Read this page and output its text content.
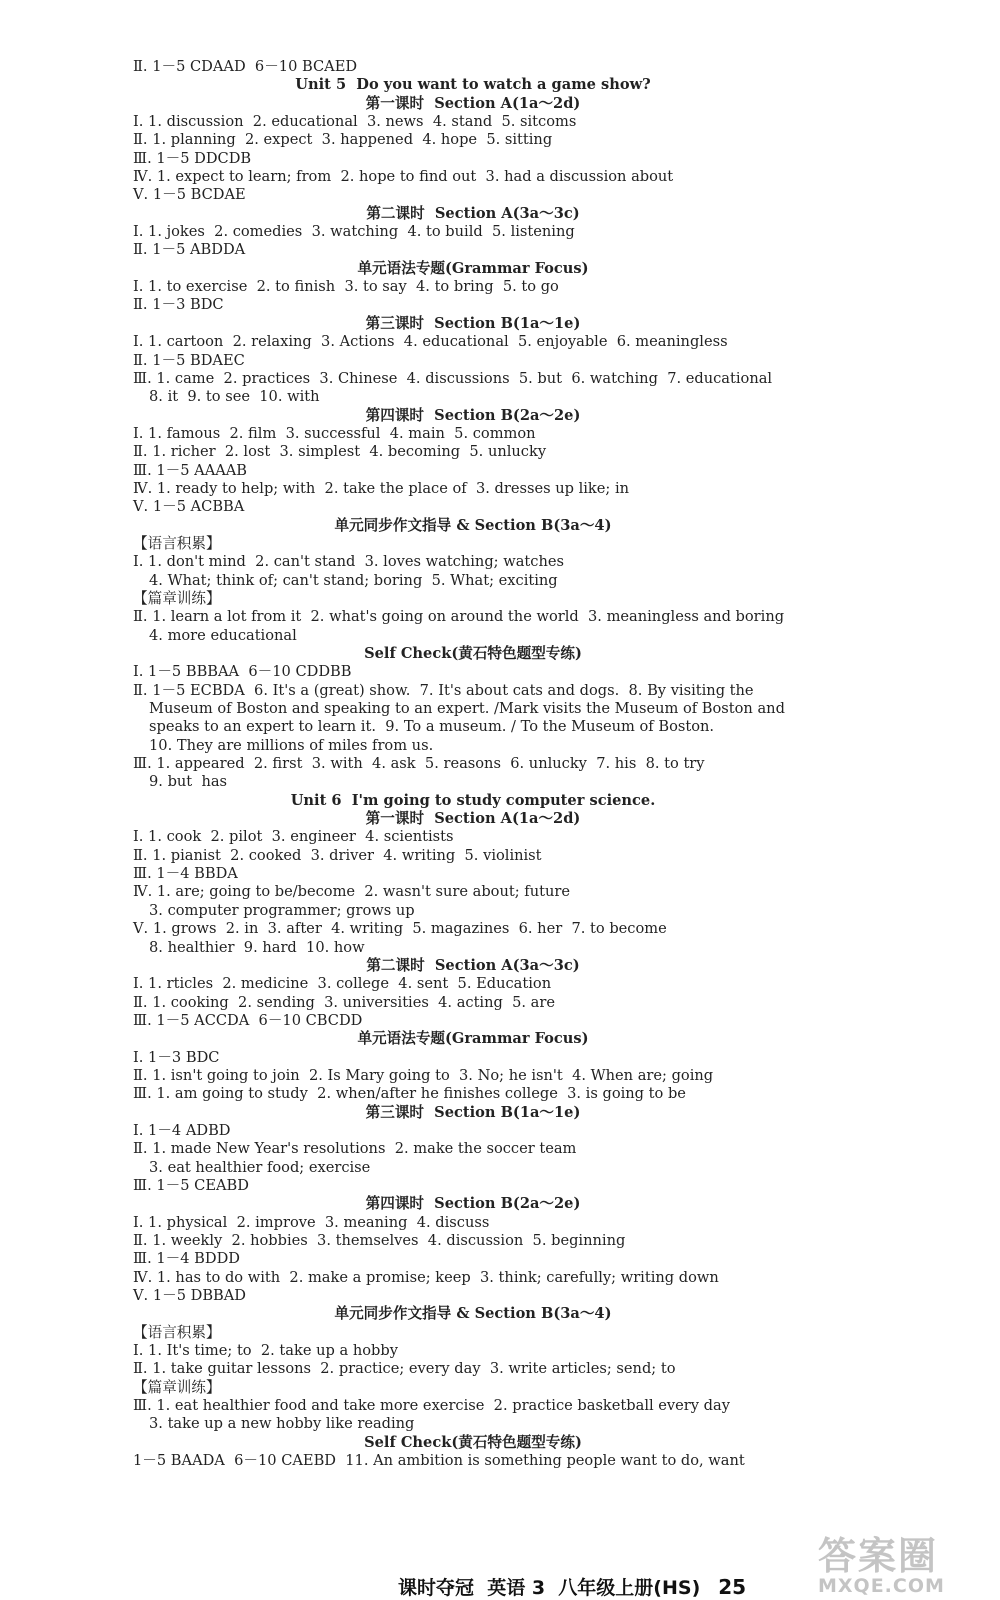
Ⅱ. 1－5 CDAAD  6－10 BCAED
Unit 5  Do you want to watch a game show?
第一课时  Section A(1a～2d)
Ⅰ. 1. discussion  2. educational  3. news  4. stand  5. sitcoms
Ⅱ. 1. planning  2. expect  3. happened  4. hope  5. sitting
Ⅲ. 1－5 DDCDB
Ⅳ. 1. expect to learn; from  2. hope to find out  3. had a discussion about
Ⅴ. 1－5 BCDAE
第二课时  Section A(3a～3c)
Ⅰ. 1. jokes  2. comedies  3. watching  4. to build  5. listening
Ⅱ. 1－5 ABDDA
单元语法专题(Grammar Focus)
Ⅰ. 1. to exercise  2. to finish  3. to say  4. to bring  5. to go
Ⅱ. 1－3 BDC
第三课时  Section B(1a～1e)
Ⅰ. 1. cartoon  2. relaxing  3. Actions  4. educational  5. enjoyable  6. meaningless
Ⅱ. 1－5 BDAEC
Ⅲ. 1. came  2. practices  3. Chinese  4. discussions  5. but  6. watching  7. educational
8. it  9. to see  10. with
第四课时  Section B(2a～2e)
Ⅰ. 1. famous  2. film  3. successful  4. main  5. common
Ⅱ. 1. richer  2. lost  3. simplest  4. becoming  5. unlucky
Ⅲ. 1－5 AAAAB
Ⅳ. 1. ready to help; with  2. take the place of  3. dresses up like; in
Ⅴ. 1－5 ACBBA
单元同步作文指导 & Section B(3a～4)
【语言积累】
Ⅰ. 1. don't mind  2. can't stand  3. loves watching; watches
4. What; think of; can't stand; boring  5. What; exciting
【篇章训练】
Ⅱ. 1. learn a lot from it  2. what's going on around the world  3. meaningless and boring
4. more educational
Self Check(黄石特色题型专练)
Ⅰ. 1－5 BBBAA  6－10 CDDBB
Ⅱ. 1－5 ECBDA  6. It's a (great) show.  7. It's about cats and dogs.  8. By visiting the
Museum of Boston and speaking to an expert. /Mark visits the Museum of Boston and
speaks to an expert to learn it.  9. To a museum. / To the Museum of Boston.
10. They are millions of miles from us.
Ⅲ. 1. appeared  2. first  3. with  4. ask  5. reasons  6. unlucky  7. his  8. to try
9. but  has
Unit 6  I'm going to study computer science.
第一课时  Section A(1a～2d)
Ⅰ. 1. cook  2. pilot  3. engineer  4. scientists
Ⅱ. 1. pianist  2. cooked  3. driver  4. writing  5. violinist
Ⅲ. 1－4 BBDA
Ⅳ. 1. are; going to be/become  2. wasn't sure about; future
3. computer programmer; grows up
Ⅴ. 1. grows  2. in  3. after  4. writing  5. magazines  6. her  7. to become
8. healthier  9. hard  10. how
第二课时  Section A(3a～3c)
Ⅰ. 1. rticles  2. medicine  3. college  4. sent  5. Education
Ⅱ. 1. cooking  2. sending  3. universities  4. acting  5. are
Ⅲ. 1－5 ACCDA  6－10 CBCDD
单元语法专题(Grammar Focus)
Ⅰ. 1－3 BDC
Ⅱ. 1. isn't going to join  2. Is Mary going to  3. No; he isn't  4. When are; going
Ⅲ. 1. am going to study  2. when/after he finishes college  3. is going to be
第三课时  Section B(1a～1e)
Ⅰ. 1－4 ADBD
Ⅱ. 1. made New Year's resolutions  2. make the soccer team
3. eat healthier food; exercise
Ⅲ. 1－5 CEABD
第四课时  Section B(2a～2e)
Ⅰ. 1. physical  2. improve  3. meaning  4. discuss
Ⅱ. 1. weekly  2. hobbies  3. themselves  4. discussion  5. beginning
Ⅲ. 1－4 BDDD
Ⅳ. 1. has to do with  2. make a promise; keep  3. think; carefully; writing down
Ⅴ. 1－5 DBBAD
单元同步作文指导 & Section B(3a～4)
【语言积累】
Ⅰ. 1. It's time; to  2. take up a hobby
Ⅱ. 1. take guitar lessons  2. practice; every day  3. write articles; send; to
【篇章训练】
Ⅲ. 1. eat healthier food and take more exercise  2. practice basketball every day
3. take up a new hobby like reading
Self Check(黄石特色题型专练)
1－5 BAADA  6－10 CAEBD  11. An ambition is something people want to do, want
课时夺冠  英语 3  八年级上册(HS) 25
答案圈
MXQE.COM
